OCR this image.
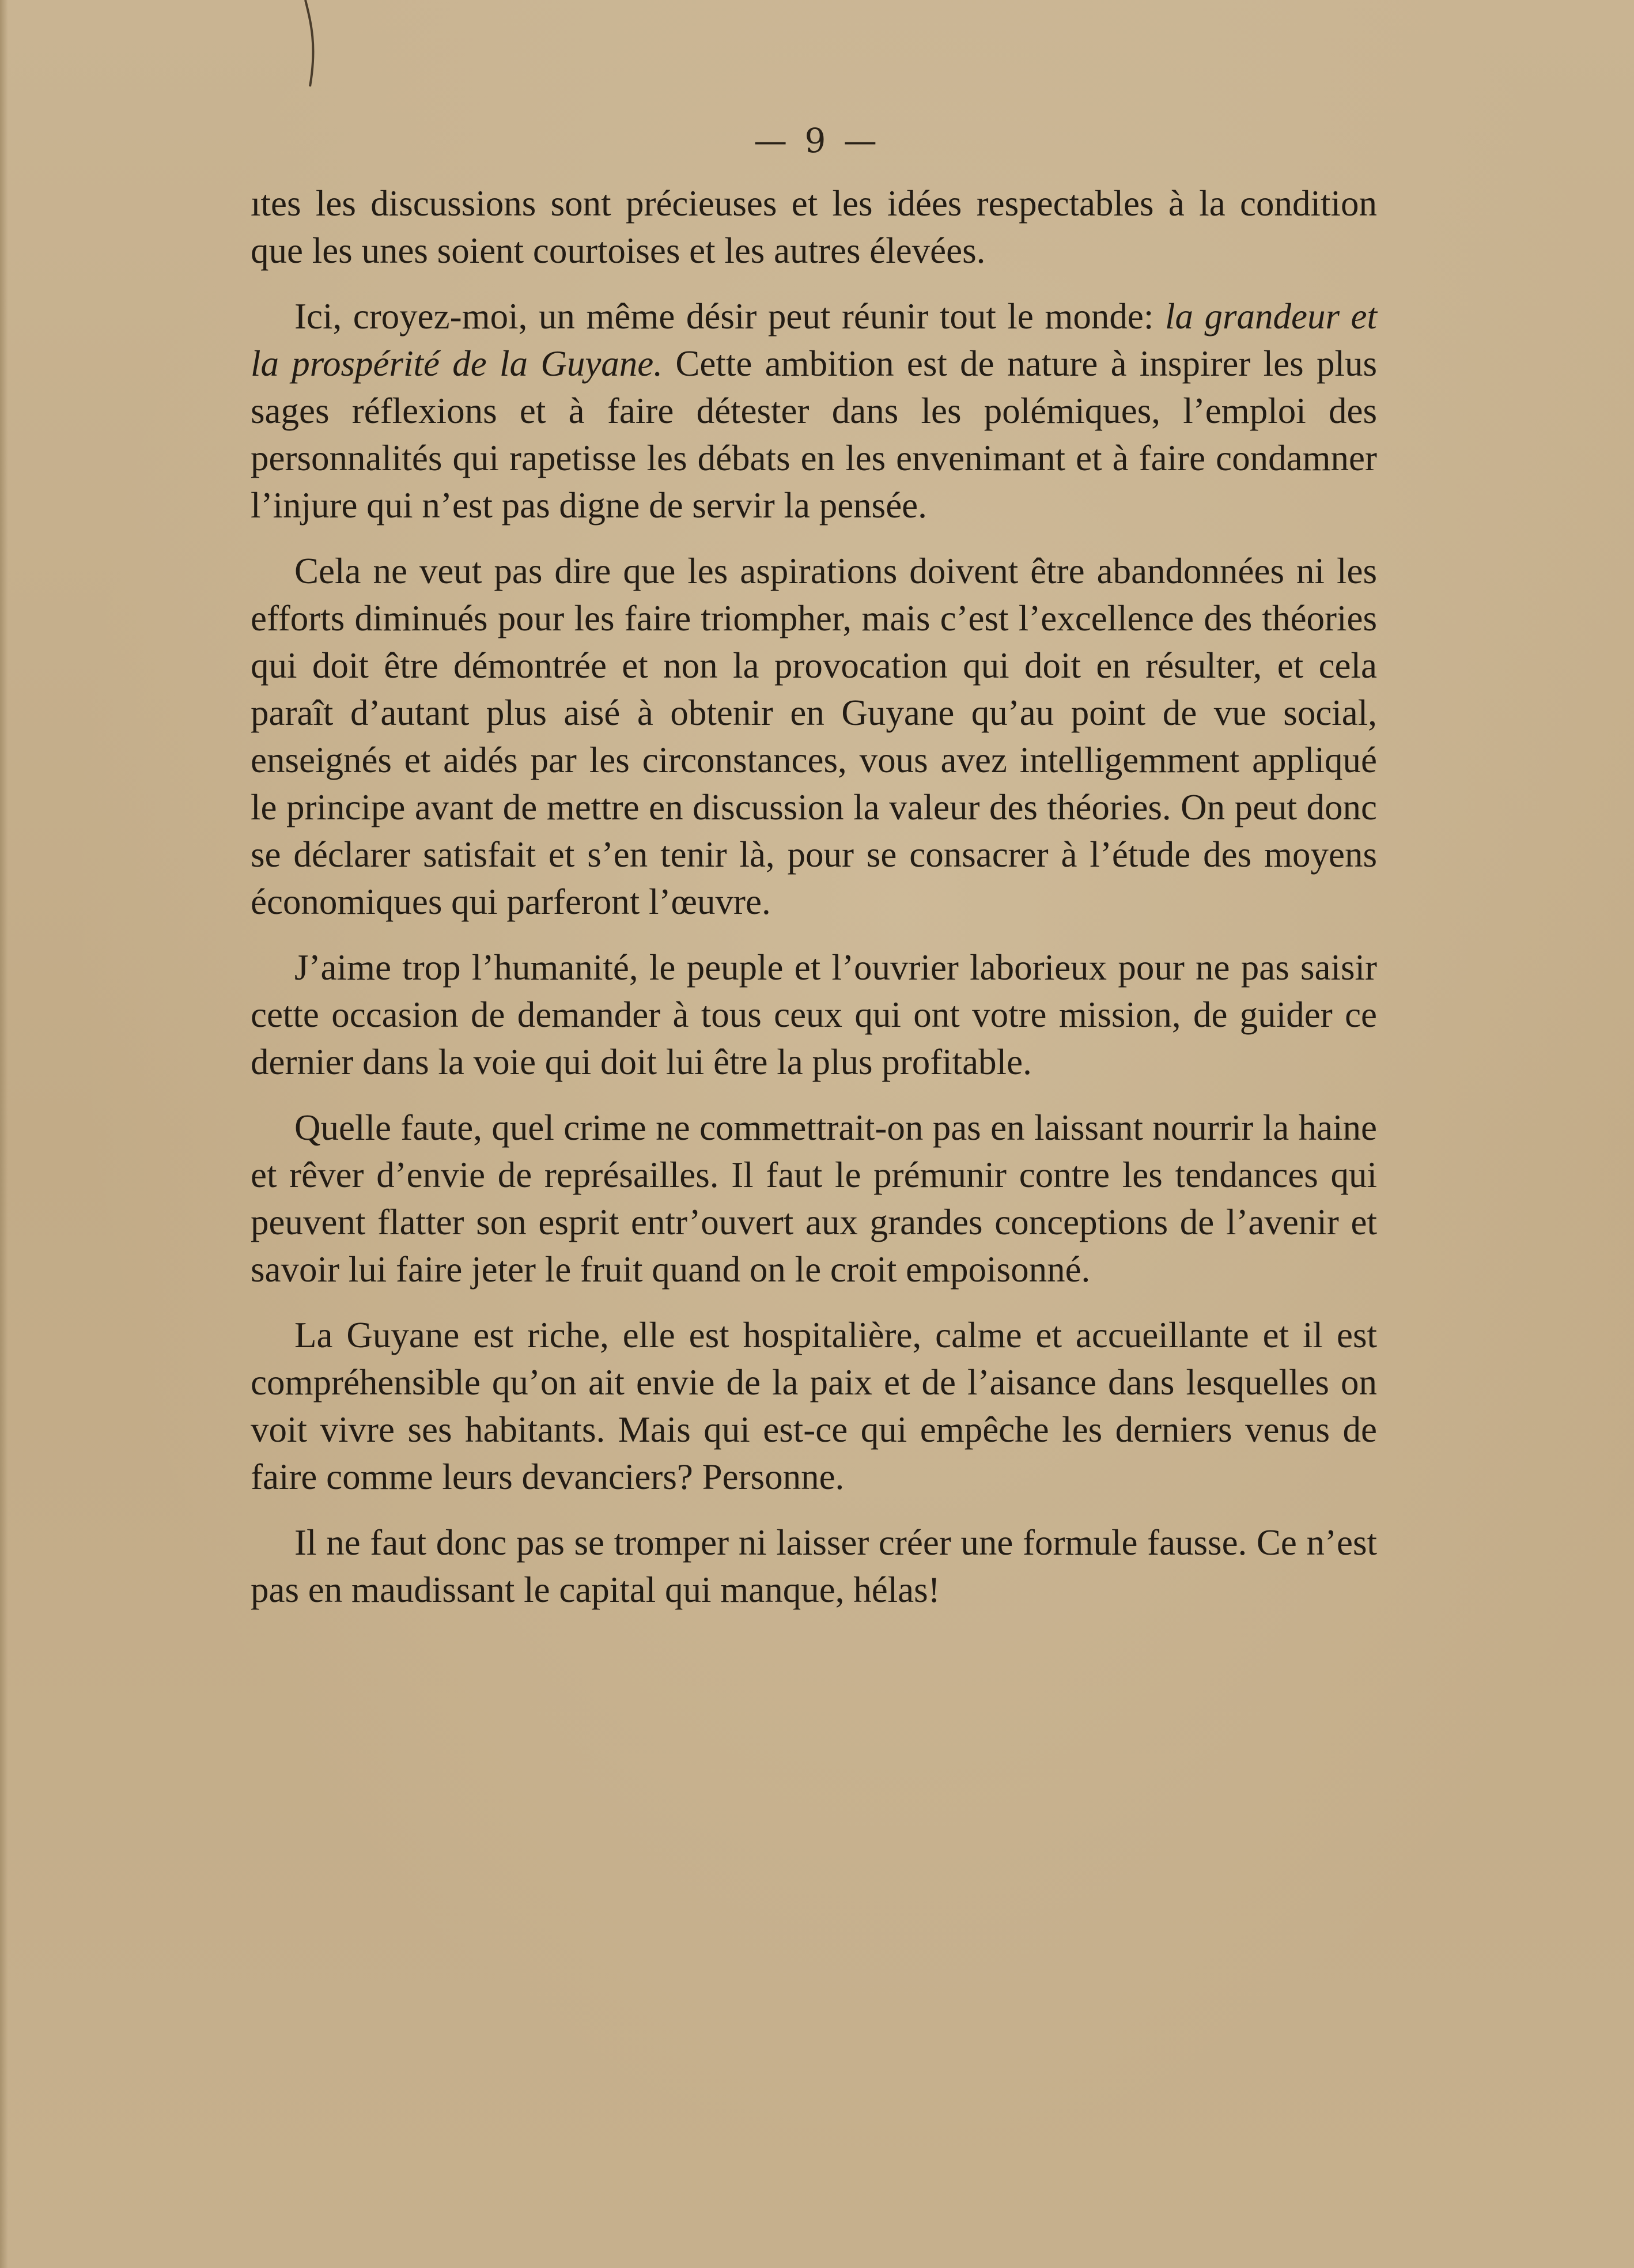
— 9 —

ıtes les discussions sont précieuses et les idées respectables à la condition que les unes soient courtoises et les autres élevées.

Ici, croyez-moi, un même désir peut réunir tout le monde: la grandeur et la prospérité de la Guyane. Cette ambition est de nature à inspirer les plus sages réflexions et à faire détester dans les polémiques, l’emploi des personnalités qui rapetisse les débats en les envenimant et à faire condamner l’injure qui n’est pas digne de servir la pensée.

Cela ne veut pas dire que les aspirations doivent être abandonnées ni les efforts diminués pour les faire triompher, mais c’est l’excellence des théories qui doit être démontrée et non la provocation qui doit en résulter, et cela paraît d’autant plus aisé à obtenir en Guyane qu’au point de vue social, enseignés et aidés par les circonstances, vous avez intelligemment appliqué le principe avant de mettre en discussion la valeur des théories. On peut donc se déclarer satisfait et s’en tenir là, pour se consacrer à l’étude des moyens économiques qui parferont l’œuvre.

J’aime trop l’humanité, le peuple et l’ouvrier laborieux pour ne pas saisir cette occasion de demander à tous ceux qui ont votre mission, de guider ce dernier dans la voie qui doit lui être la plus profitable.

Quelle faute, quel crime ne commettrait-on pas en laissant nourrir la haine et rêver d’envie de représailles. Il faut le prémunir contre les tendances qui peuvent flatter son esprit entr’ouvert aux grandes conceptions de l’avenir et savoir lui faire jeter le fruit quand on le croit empoisonné.

La Guyane est riche, elle est hospitalière, calme et accueillante et il est compréhensible qu’on ait envie de la paix et de l’aisance dans lesquelles on voit vivre ses habitants. Mais qui est-ce qui empêche les derniers venus de faire comme leurs devanciers? Personne.

Il ne faut donc pas se tromper ni laisser créer une formule fausse. Ce n’est pas en maudissant le capital qui manque, hélas!
